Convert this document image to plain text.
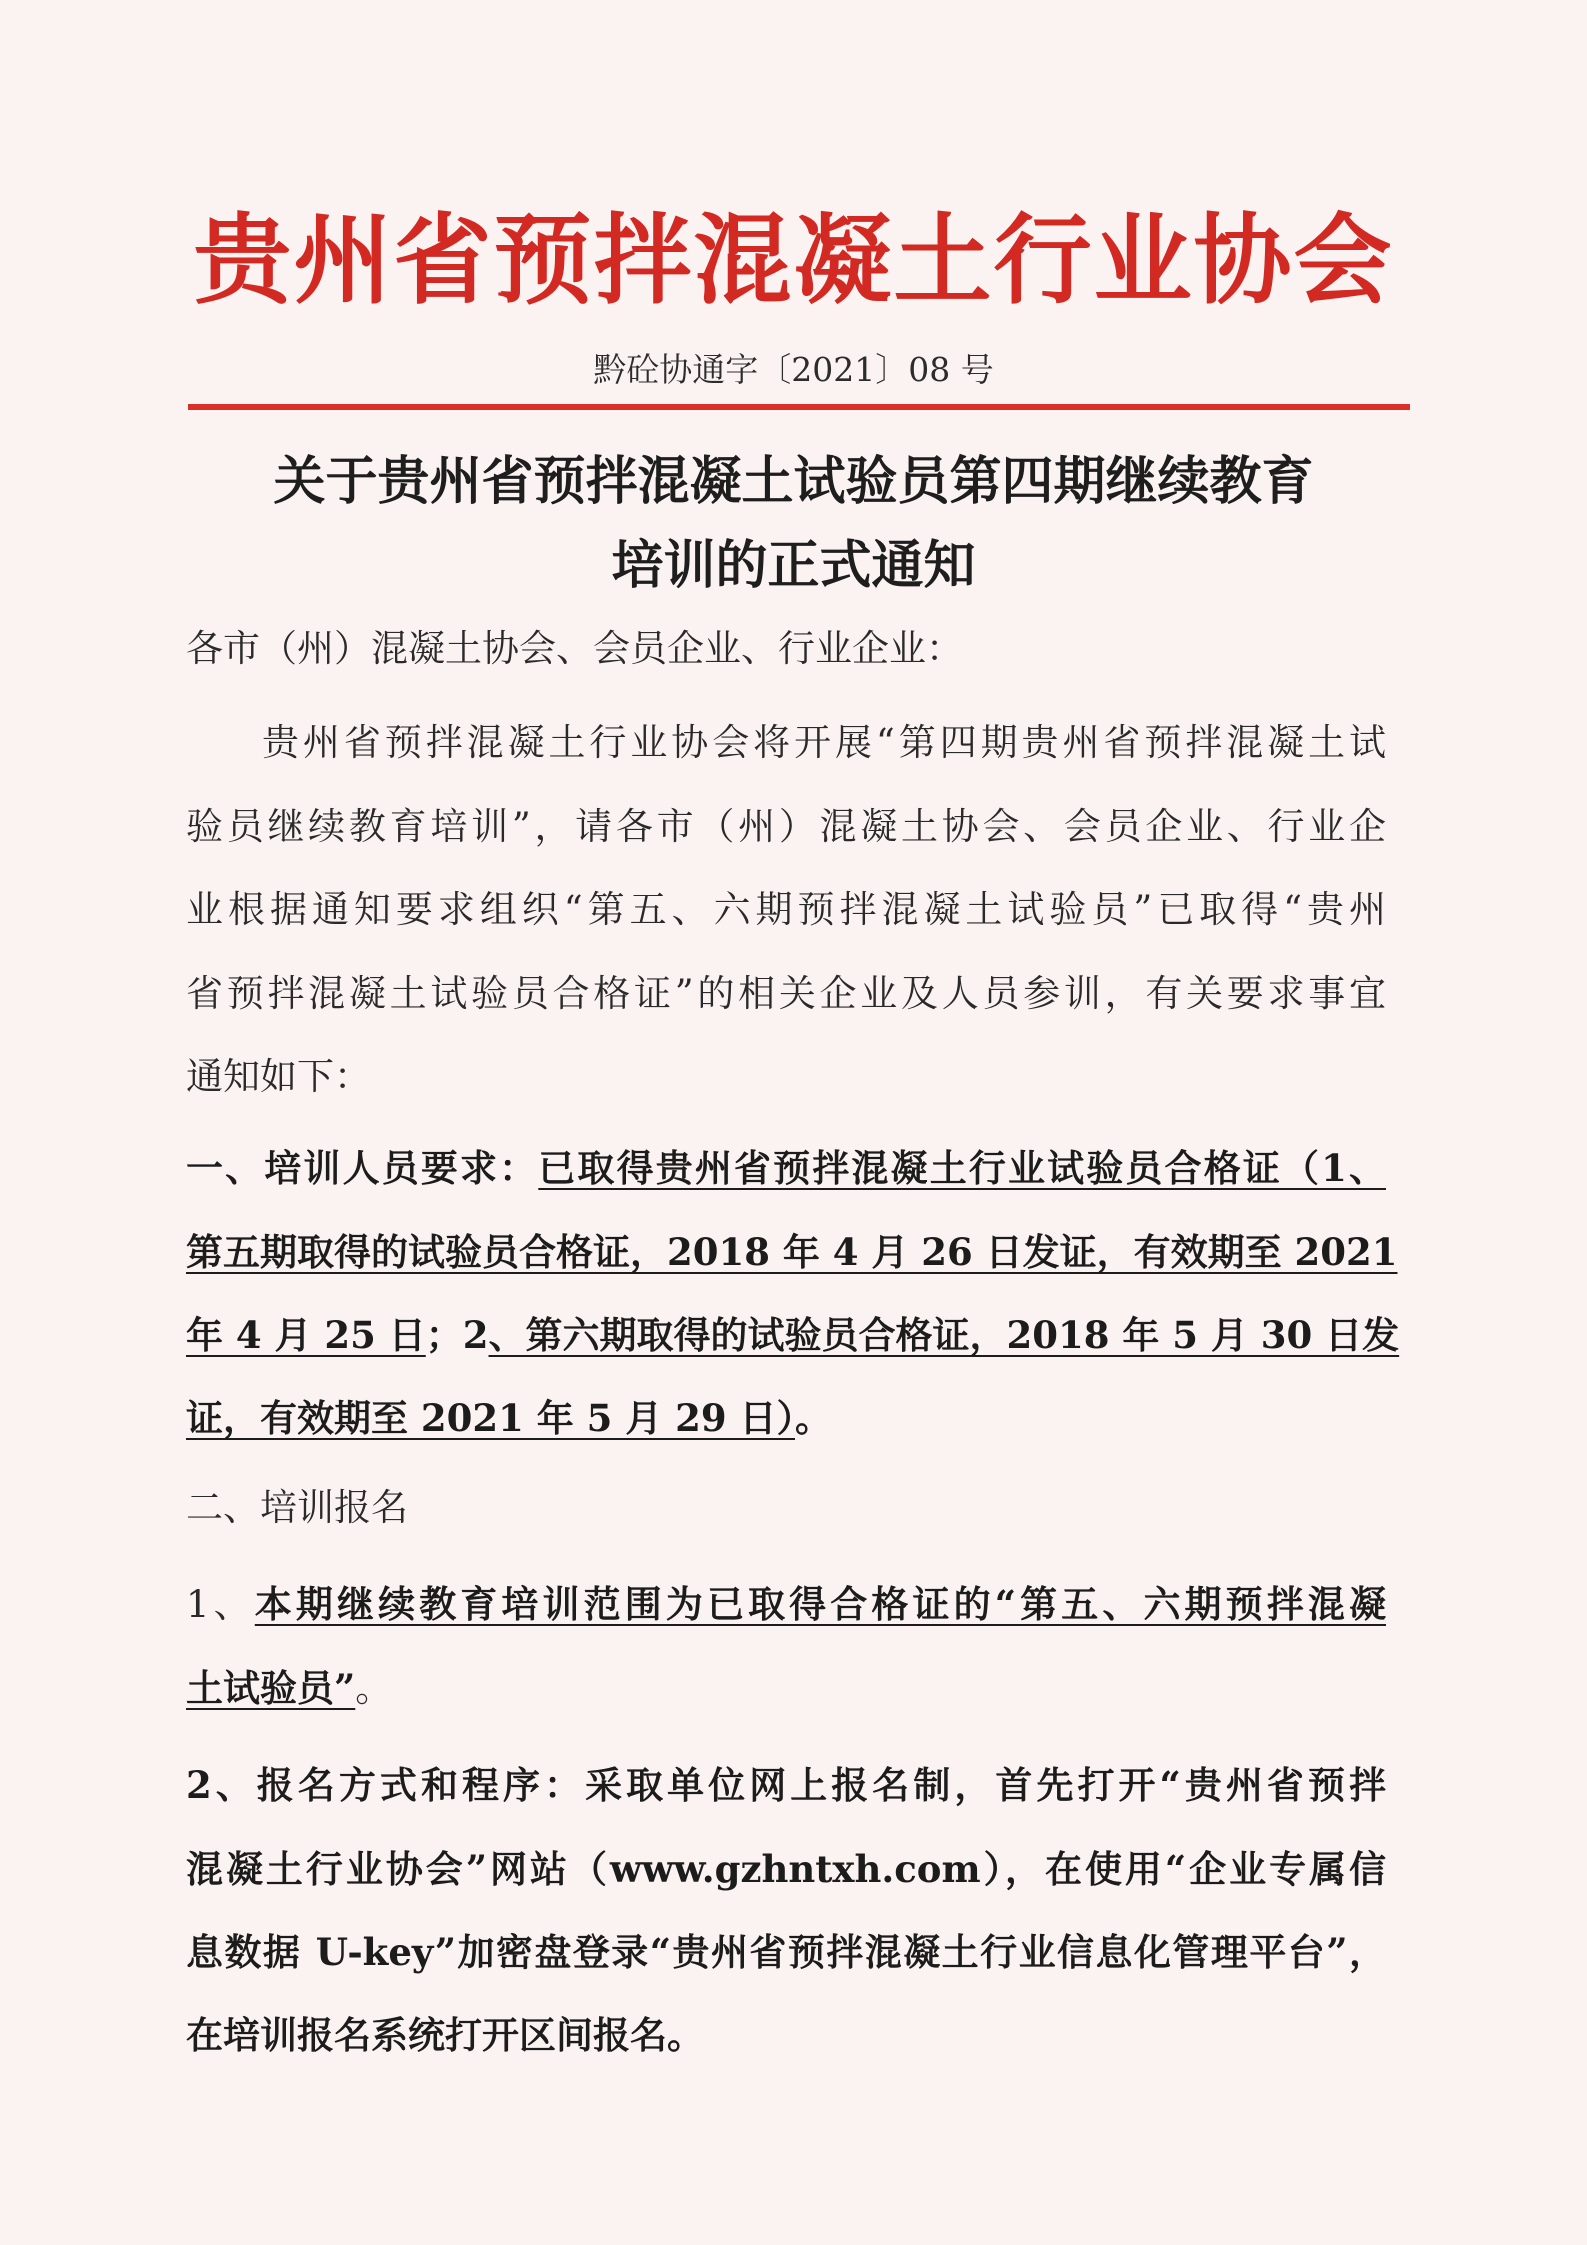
贵州省预拌混凝土行业协会
黔砼协通字〔2021〕08 号
关于贵州省预拌混凝土试验员第四期继续教育
培训的正式通知
各市（州）混凝土协会、会员企业、行业企业：
贵州省预拌混凝土行业协会将开展“第四期贵州省预拌混凝土试
验员继续教育培训”，请各市（州）混凝土协会、会员企业、行业企
业根据通知要求组织“第五、六期预拌混凝土试验员”已取得“贵州
省预拌混凝土试验员合格证”的相关企业及人员参训，有关要求事宜
通知如下：
一、培训人员要求：已取得贵州省预拌混凝土行业试验员合格证（1、
第五期取得的试验员合格证，2018 年 4 月 26 日发证，有效期至 2021
年 4 月 25 日；2、第六期取得的试验员合格证，2018 年 5 月 30 日发
证，有效期至 2021 年 5 月 29 日）。
二、培训报名
1、本期继续教育培训范围为已取得合格证的“第五、六期预拌混凝
土试验员”。
2、报名方式和程序：采取单位网上报名制，首先打开“贵州省预拌
混凝土行业协会”网站（www.gzhntxh.com），在使用“企业专属信
息数据 U-key”加密盘登录“贵州省预拌混凝土行业信息化管理平台”，
在培训报名系统打开区间报名。
